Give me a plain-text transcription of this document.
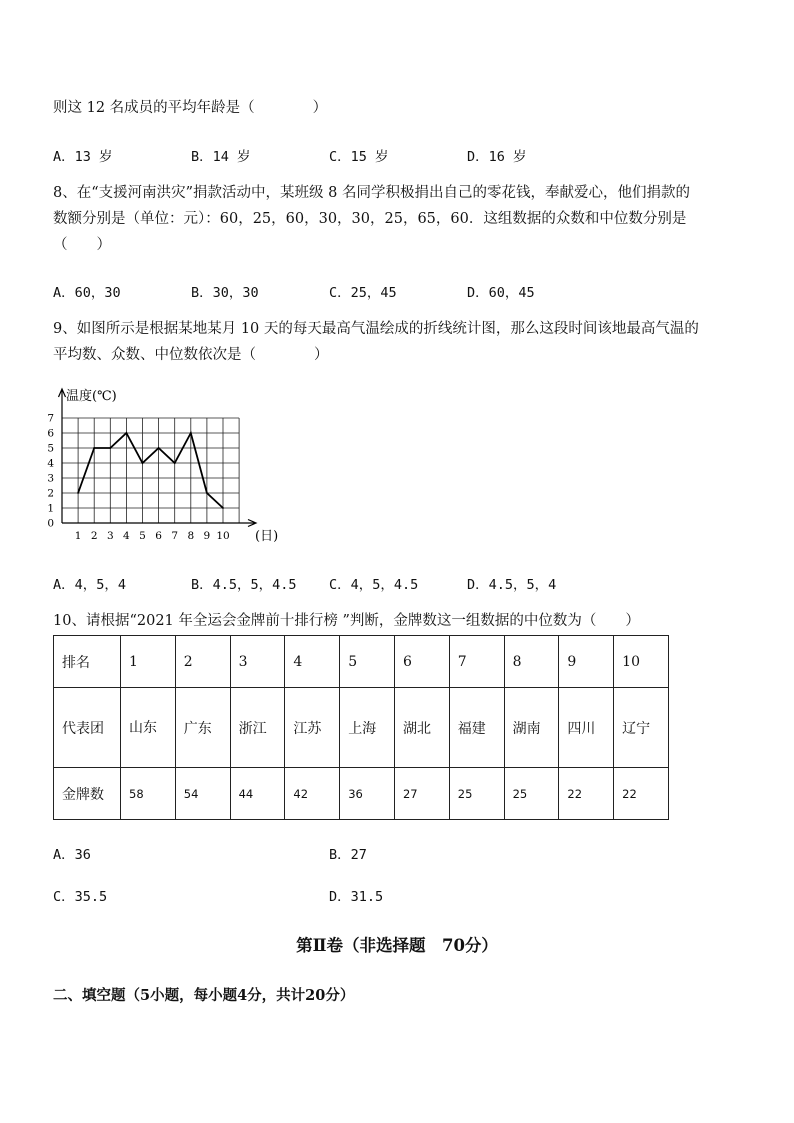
则这 12 名成员的平均年龄是（　　　　）
A．13 岁	B．14 岁	C．15 岁	D．16 岁
8、在“支援河南洪灾”捐款活动中，某班级 8 名同学积极捐出自己的零花钱，奉献爱心，他们捐款的
数额分别是（单位：元）：60，25，60，30，30，25，65，60．这组数据的众数和中位数分别是
（　　）
A．60，30	B．30，30	C．25，45	D．60，45
9、如图所示是根据某地某月 10 天的每天最高气温绘成的折线统计图，那么这段时间该地最高气温的
平均数、众数、中位数依次是（　　　　）
温度(℃)
0
1
2
3
4
5
6
7
1 2 3 4 5 6 7 8 9 10 (日)
A．4，5，4	B．4.5，5，4.5 C．4，5，4.5	D．4.5，5，4
10、请根据“2021 年全运会金牌前十排行榜 ”判断，金牌数这一组数据的中位数为（　　）
排名	1	2	3	4	5	6	7	8	9	10
代表团	山东	广东	浙江	江苏	上海	湖北	福建	湖南	四川	辽宁
金牌数	58	54	44	42	36	27	25	25	22	22
A．36	B．27
C．35.5	D．31.5
第Ⅱ卷（非选择题　70分）
二、填空题（5小题，每小题4分，共计20分）
